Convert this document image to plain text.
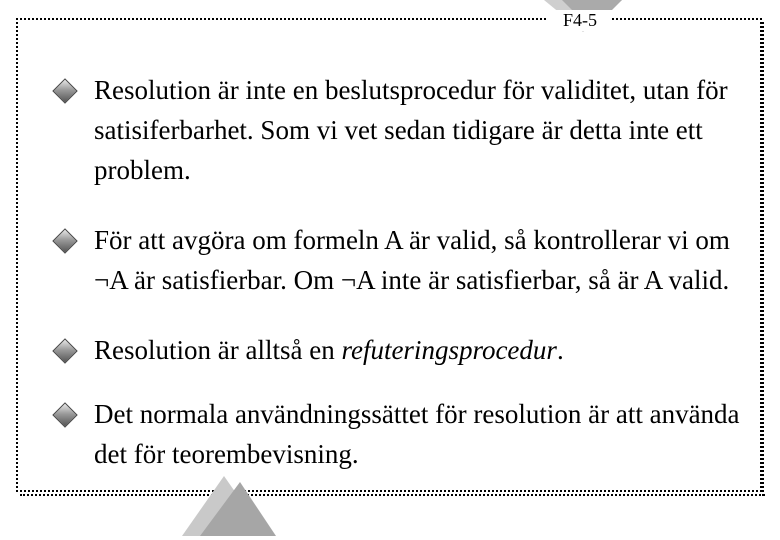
F4-5
Resolution är inte en beslutsprocedur för validitet, utan för satisiferbarhet. Som vi vet sedan tidigare är detta inte ett problem.
För att avgöra om formeln A är valid, så kontrollerar vi om ¬A är satisfierbar. Om ¬A inte är satisfierbar, så är A valid.
Resolution är alltså en refuteringsprocedur.
Det normala användningssättet för resolution är att använda det för teorembevisning.
